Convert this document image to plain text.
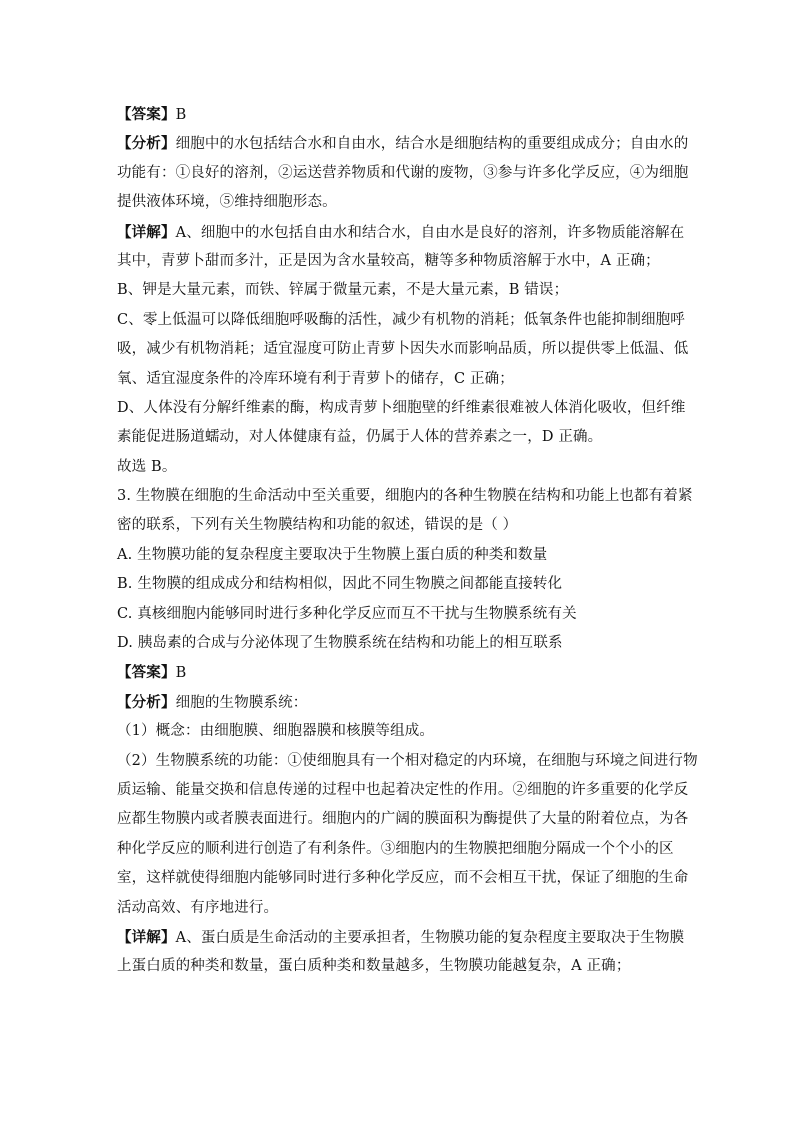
【答案】B
【分析】细胞中的水包括结合水和自由水，结合水是细胞结构的重要组成成分；自由水的
功能有：①良好的溶剂，②运送营养物质和代谢的废物，③参与许多化学反应，④为细胞
提供液体环境，⑤维持细胞形态。
【详解】A、细胞中的水包括自由水和结合水，自由水是良好的溶剂，许多物质能溶解在
其中，青萝卜甜而多汁，正是因为含水量较高，糖等多种物质溶解于水中，A 正确；
B、钾是大量元素，而铁、锌属于微量元素，不是大量元素，B 错误；
C、零上低温可以降低细胞呼吸酶的活性，减少有机物的消耗；低氧条件也能抑制细胞呼
吸，减少有机物消耗；适宜湿度可防止青萝卜因失水而影响品质，所以提供零上低温、低
氧、适宜湿度条件的冷库环境有利于青萝卜的储存，C 正确；
D、人体没有分解纤维素的酶，构成青萝卜细胞壁的纤维素很难被人体消化吸收，但纤维
素能促进肠道蠕动，对人体健康有益，仍属于人体的营养素之一，D 正确。
故选 B。
3. 生物膜在细胞的生命活动中至关重要，细胞内的各种生物膜在结构和功能上也都有着紧
密的联系，下列有关生物膜结构和功能的叙述，错误的是（ ）
A. 生物膜功能的复杂程度主要取决于生物膜上蛋白质的种类和数量
B. 生物膜的组成成分和结构相似，因此不同生物膜之间都能直接转化
C. 真核细胞内能够同时进行多种化学反应而互不干扰与生物膜系统有关
D. 胰岛素的合成与分泌体现了生物膜系统在结构和功能上的相互联系
【答案】B
【分析】细胞的生物膜系统：
（1）概念：由细胞膜、细胞器膜和核膜等组成。
（2）生物膜系统的功能：①使细胞具有一个相对稳定的内环境，在细胞与环境之间进行物
质运输、能量交换和信息传递的过程中也起着决定性的作用。②细胞的许多重要的化学反
应都生物膜内或者膜表面进行。细胞内的广阔的膜面积为酶提供了大量的附着位点，为各
种化学反应的顺利进行创造了有利条件。③细胞内的生物膜把细胞分隔成一个个小的区
室，这样就使得细胞内能够同时进行多种化学反应，而不会相互干扰，保证了细胞的生命
活动高效、有序地进行。
【详解】A、蛋白质是生命活动的主要承担者，生物膜功能的复杂程度主要取决于生物膜
上蛋白质的种类和数量，蛋白质种类和数量越多，生物膜功能越复杂，A 正确；
